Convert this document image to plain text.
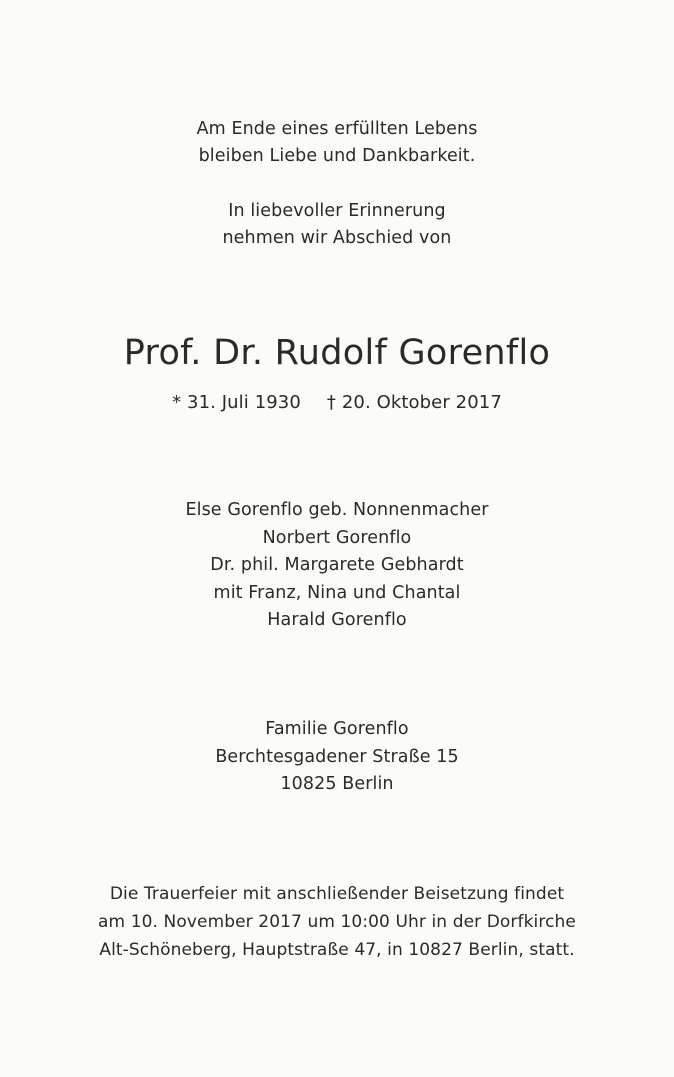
Am Ende eines erfüllten Lebens
bleiben Liebe und Dankbarkeit.
In liebevoller Erinnerung
nehmen wir Abschied von
Prof. Dr. Rudolf Gorenflo
* 31. Juli 1930 † 20. Oktober 2017
Else Gorenflo geb. Nonnenmacher
Norbert Gorenflo
Dr. phil. Margarete Gebhardt
mit Franz, Nina und Chantal
Harald Gorenflo
Familie Gorenflo
Berchtesgadener Straße 15
10825 Berlin
Die Trauerfeier mit anschließender Beisetzung findet
am 10. November 2017 um 10:00 Uhr in der Dorfkirche
Alt-Schöneberg, Hauptstraße 47, in 10827 Berlin, statt.
